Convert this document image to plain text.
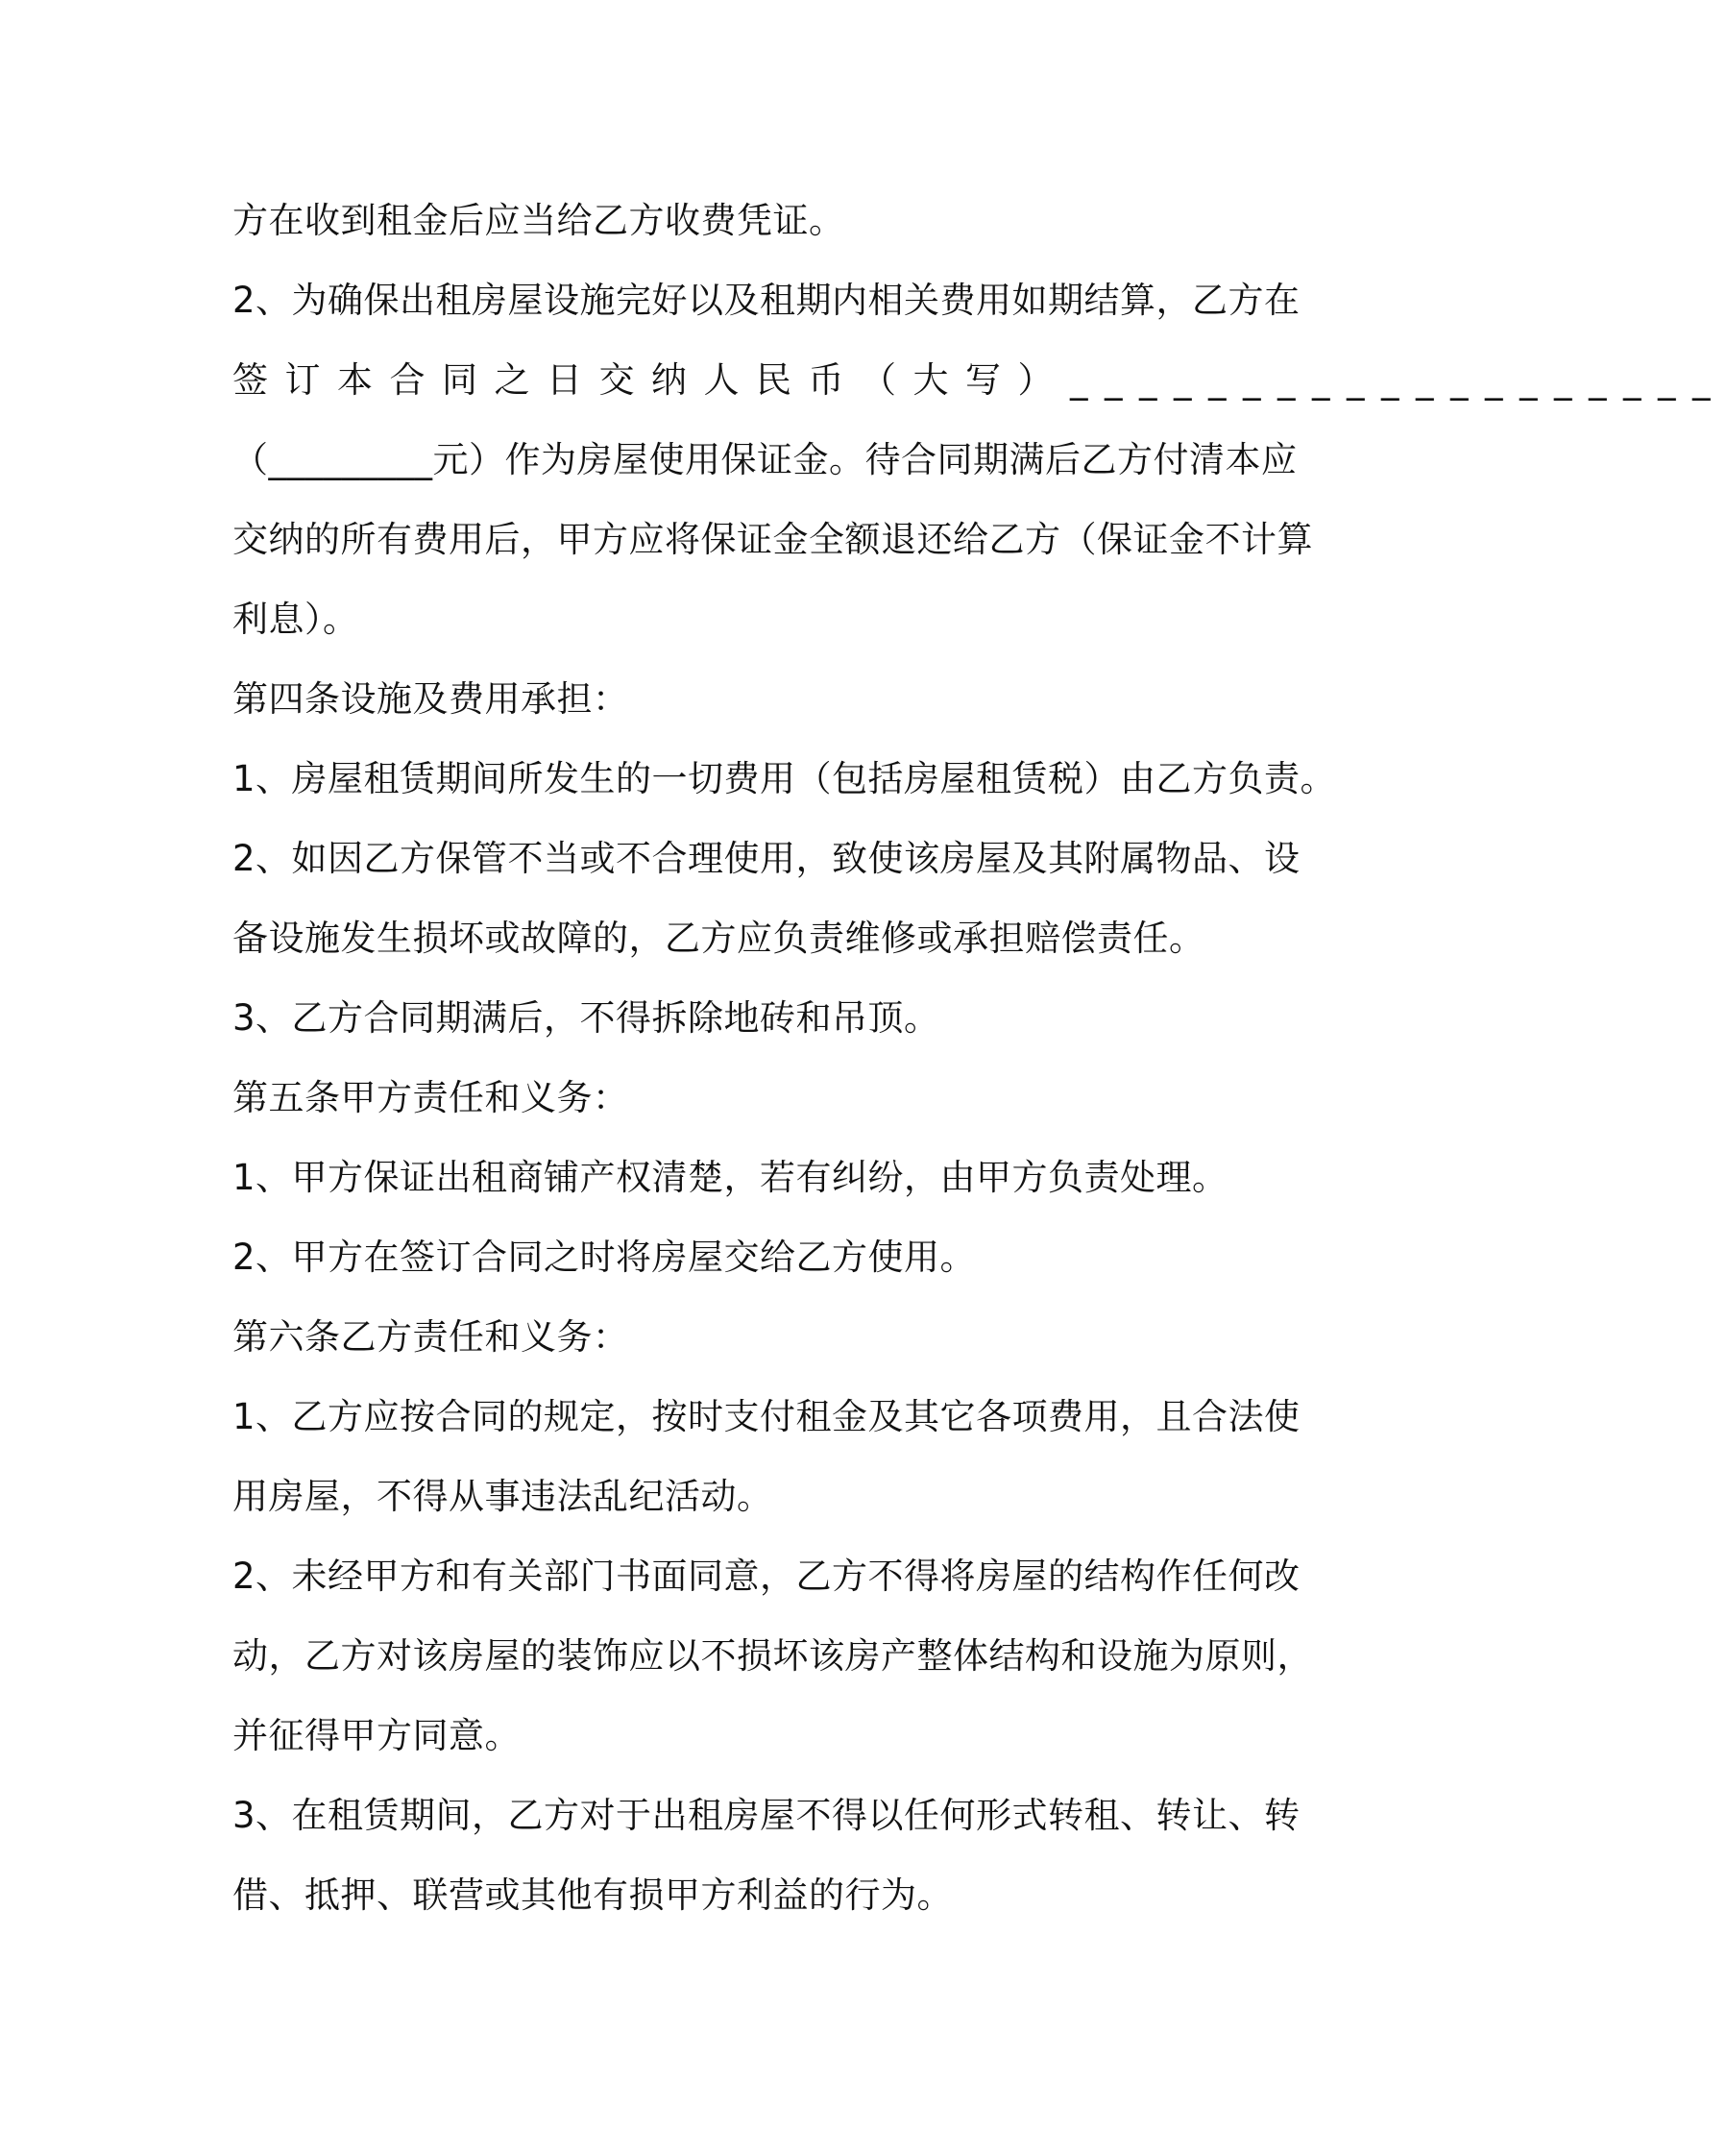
方在收到租金后应当给乙方收费凭证。
2、为确保出租房屋设施完好以及租期内相关费用如期结算，乙方在
签订本合同之日交纳人民币（大写）___________________
（_________元）作为房屋使用保证金。待合同期满后乙方付清本应
交纳的所有费用后，甲方应将保证金全额退还给乙方（保证金不计算
利息）。
第四条设施及费用承担：
1、房屋租赁期间所发生的一切费用（包括房屋租赁税）由乙方负责。
2、如因乙方保管不当或不合理使用，致使该房屋及其附属物品、设
备设施发生损坏或故障的，乙方应负责维修或承担赔偿责任。
3、乙方合同期满后，不得拆除地砖和吊顶。
第五条甲方责任和义务：
1、甲方保证出租商铺产权清楚，若有纠纷，由甲方负责处理。
2、甲方在签订合同之时将房屋交给乙方使用。
第六条乙方责任和义务：
1、乙方应按合同的规定，按时支付租金及其它各项费用，且合法使
用房屋，不得从事违法乱纪活动。
2、未经甲方和有关部门书面同意，乙方不得将房屋的结构作任何改
动，乙方对该房屋的装饰应以不损坏该房产整体结构和设施为原则，
并征得甲方同意。
3、在租赁期间，乙方对于出租房屋不得以任何形式转租、转让、转
借、抵押、联营或其他有损甲方利益的行为。
